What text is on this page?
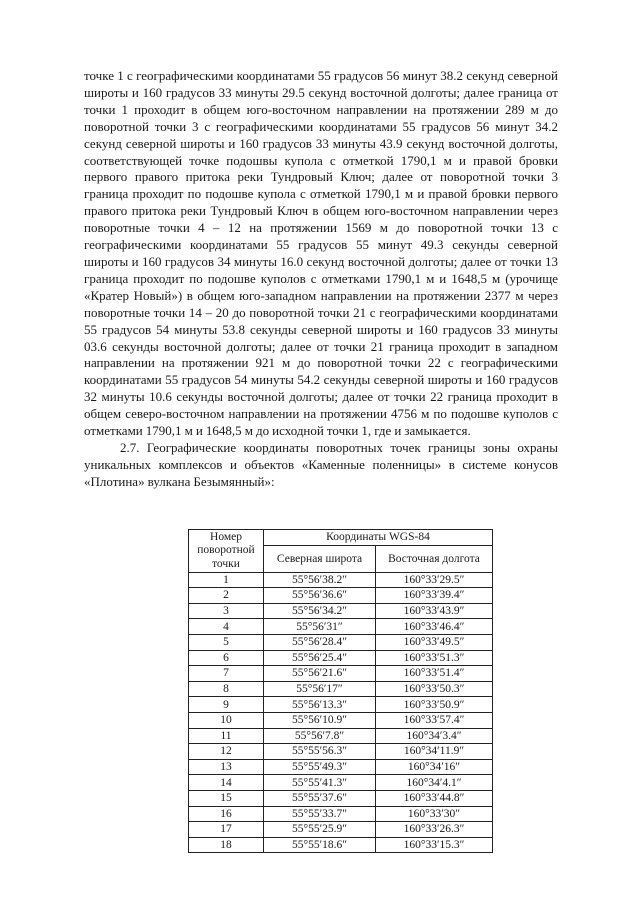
точке 1 с географическими координатами 55 градусов 56 минут 38.2 секунд северной широты и 160 градусов 33 минуты 29.5 секунд восточной долготы; далее граница от точки 1 проходит в общем юго-восточном направлении на протяжении 289 м до поворотной точки 3 с географическими координатами 55 градусов 56 минут 34.2 секунд северной широты и 160 градусов 33 минуты 43.9 секунд восточной долготы, соответствующей точке подошвы купола с отметкой 1790,1 м и правой бровки первого правого притока реки Тундровый Ключ; далее от поворотной точки 3 граница проходит по подошве купола с отметкой 1790,1 м и правой бровки первого правого притока реки Тундровый Ключ в общем юго-восточном направлении через поворотные точки 4 – 12 на протяжении 1569 м до поворотной точки 13 с географическими координатами 55 градусов 55 минут 49.3 секунды северной широты и 160 градусов 34 минуты 16.0 секунд восточной долготы; далее от точки 13 граница проходит по подошве куполов с отметками 1790,1 м и 1648,5 м (урочище «Кратер Новый») в общем юго-западном направлении на протяжении 2377 м через поворотные точки 14 – 20 до поворотной точки 21 с географическими координатами 55 градусов 54 минуты 53.8 секунды северной широты и 160 градусов 33 минуты 03.6 секунды восточной долготы; далее от точки 21 граница проходит в западном направлении на протяжении 921 м до поворотной точки 22 с географическими координатами 55 градусов 54 минуты 54.2 секунды северной широты и 160 градусов 32 минуты 10.6 секунды восточной долготы; далее от точки 22 граница проходит в общем северо-восточном направлении на протяжении 4756 м по подошве куполов с отметками 1790,1 м и 1648,5 м до исходной точки 1, где и замыкается.

2.7. Географические координаты поворотных точек границы зоны охраны уникальных комплексов и объектов «Каменные поленницы» в системе конусов «Плотина» вулкана Безымянный»:

Номер поворотной точки	Координаты WGS-84	
	Северная широта	Восточная долгота
1	55°56′38.2″	160°33′29.5″
2	55°56′36.6″	160°33′39.4″
3	55°56′34.2″	160°33′43.9″
4	55°56′31″	160°33′46.4″
5	55°56′28.4″	160°33′49.5″
6	55°56′25.4″	160°33′51.3″
7	55°56′21.6″	160°33′51.4″
8	55°56′17″	160°33′50.3″
9	55°56′13.3″	160°33′50.9″
10	55°56′10.9″	160°33′57.4″
11	55°56′7.8″	160°34′3.4″
12	55°55′56.3″	160°34′11.9″
13	55°55′49.3″	160°34′16″
14	55°55′41.3″	160°34′4.1″
15	55°55′37.6″	160°33′44.8″
16	55°55′33.7″	160°33′30″
17	55°55′25.9″	160°33′26.3″
18	55°55′18.6″	160°33′15.3″
